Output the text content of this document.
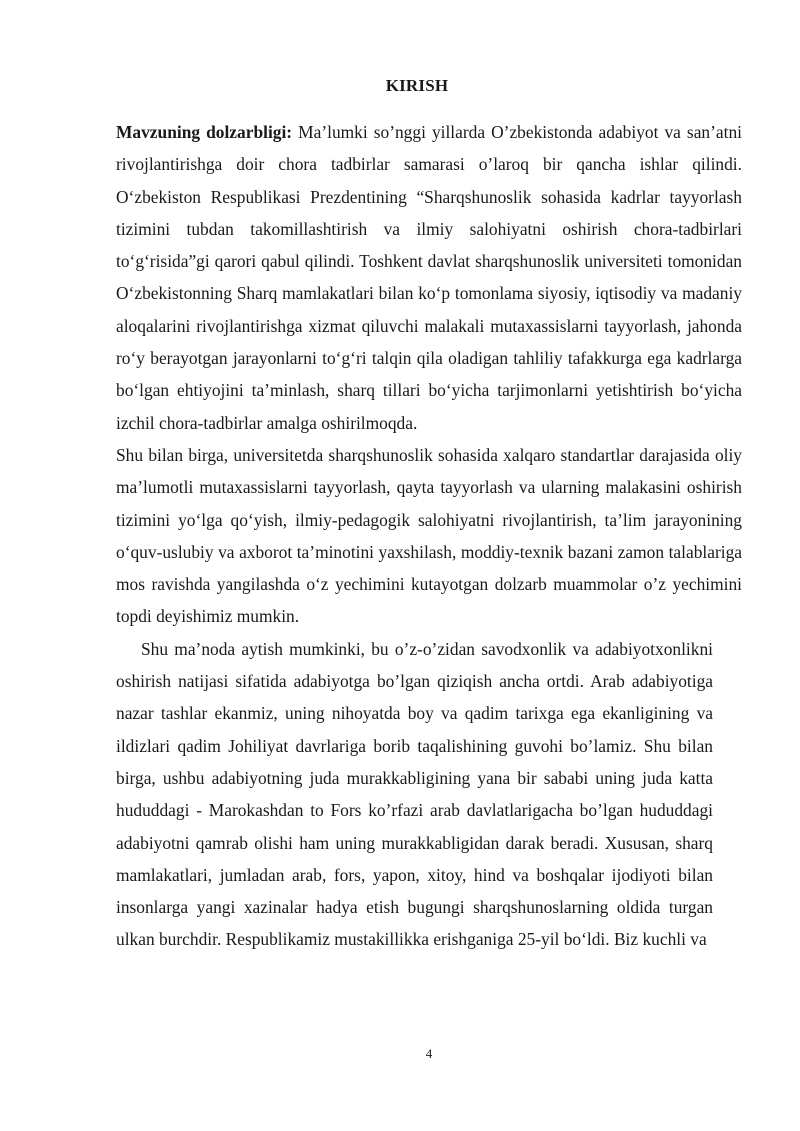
KIRISH

Mavzuning dolzarbligi: Ma’lumki so’nggi yillarda O’zbekistonda adabiyot va san’atni rivojlantirishga doir chora tadbirlar samarasi o’laroq bir qancha ishlar qilindi. O‘zbekiston Respublikasi Prezdentining “Sharqshunoslik sohasida kadrlar tayyorlash tizimini tubdan takomillashtirish va ilmiy salohiyatni oshirish chora-tadbirlari to‘g‘risida”gi qarori qabul qilindi. Toshkent davlat sharqshunoslik universiteti tomonidan O‘zbekistonning Sharq mamlakatlari bilan ko‘p tomonlama siyosiy, iqtisodiy va madaniy aloqalarini rivojlantirishga xizmat qiluvchi malakali mutaxassislarni tayyorlash, jahonda ro‘y berayotgan jarayonlarni to‘g‘ri talqin qila oladigan tahliliy tafakkurga ega kadrlarga bo‘lgan ehtiyojini ta’minlash, sharq tillari bo‘yicha tarjimonlarni yetishtirish bo‘yicha izchil chora-tadbirlar amalga oshirilmoqda.

Shu bilan birga, universitetda sharqshunoslik sohasida xalqaro standartlar darajasida oliy ma’lumotli mutaxassislarni tayyorlash, qayta tayyorlash va ularning malakasini oshirish tizimini yo‘lga qo‘yish, ilmiy-pedagogik salohiyatni rivojlantirish, ta’lim jarayonining o‘quv-uslubiy va axborot ta’minotini yaxshilash, moddiy-texnik bazani zamon talablariga mos ravishda yangilashda o‘z yechimini kutayotgan dolzarb muammolar o’z yechimini topdi deyishimiz mumkin.

Shu ma’noda aytish mumkinki, bu o’z-o’zidan savodxonlik va adabiyotxonlikni oshirish natijasi sifatida adabiyotga bo’lgan qiziqish ancha ortdi. Arab adabiyotiga nazar tashlar ekanmiz, uning nihoyatda boy va qadim tarixga ega ekanligining va ildizlari qadim Johiliyat davrlariga borib taqalishining guvohi bo’lamiz. Shu bilan birga, ushbu adabiyotning juda murakkabligining yana bir sababi uning juda katta hududdagi - Marokashdan to Fors ko’rfazi arab davlatlarigacha bo’lgan hududdagi adabiyotni qamrab olishi ham uning murakkabligidan darak beradi. Xususan, sharq mamlakatlari, jumladan arab, fors, yapon, xitoy, hind va boshqalar ijodiyoti bilan insonlarga yangi xazinalar hadya etish bugungi sharqshunoslarning oldida turgan ulkan burchdir. Respublikamiz mustakillikka erishganiga 25-yil bo‘ldi. Biz kuchli va

4
